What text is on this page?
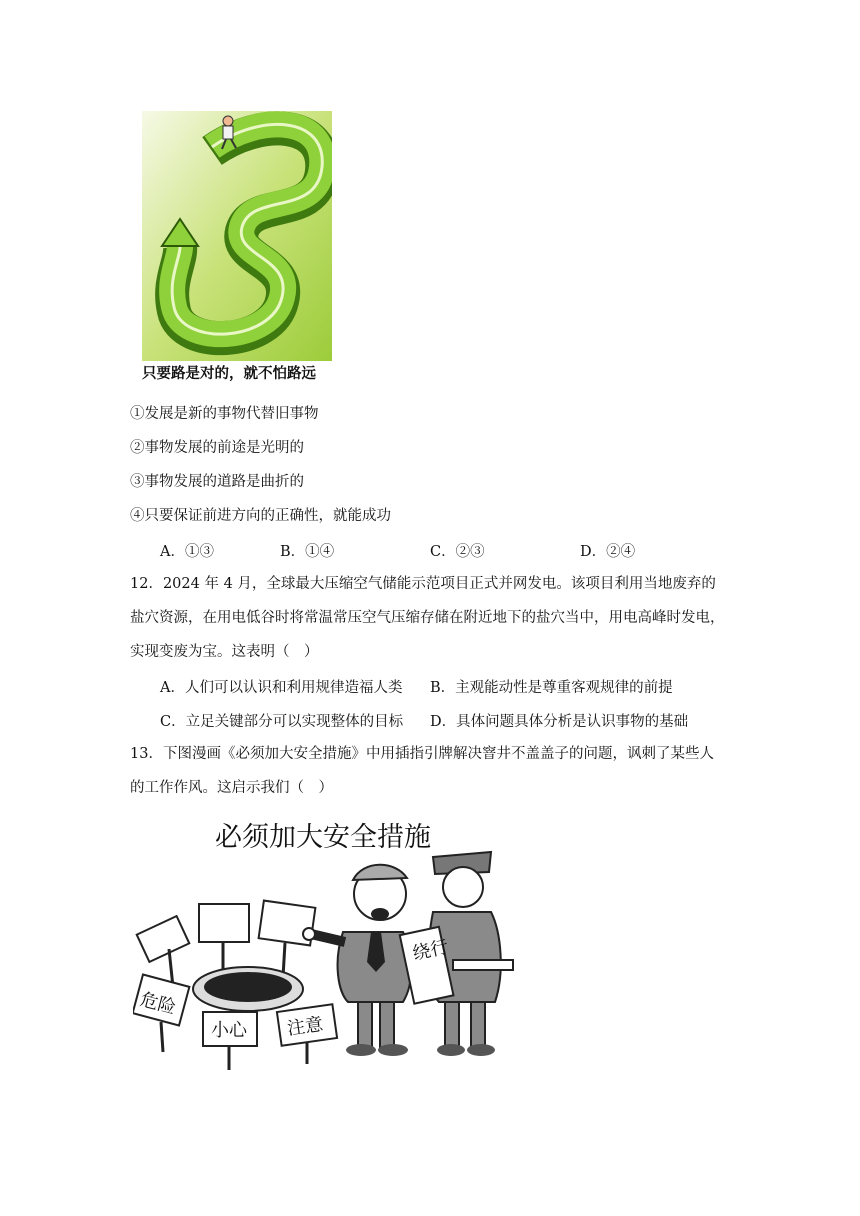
只要路是对的，就不怕路远
①发展是新的事物代替旧事物
②事物发展的前途是光明的
③事物发展的道路是曲折的
④只要保证前进方向的正确性，就能成功
A．①③	B．①④	C．②③	D．②④
12．2024 年 4 月，全球最大压缩空气储能示范项目正式并网发电。该项目利用当地废弃的
盐穴资源，在用电低谷时将常温常压空气压缩存储在附近地下的盐穴当中，用电高峰时发电，
实现变废为宝。这表明（　）
A．人们可以认识和利用规律造福人类 B．主观能动性是尊重客观规律的前提
C．立足关键部分可以实现整体的目标 D．具体问题具体分析是认识事物的基础
13．下图漫画《必须加大安全措施》中用插指引牌解决窨井不盖盖子的问题，讽刺了某些人
的工作作风。这启示我们（　）
必须加大安全措施
危险
小心 注意
绕行
